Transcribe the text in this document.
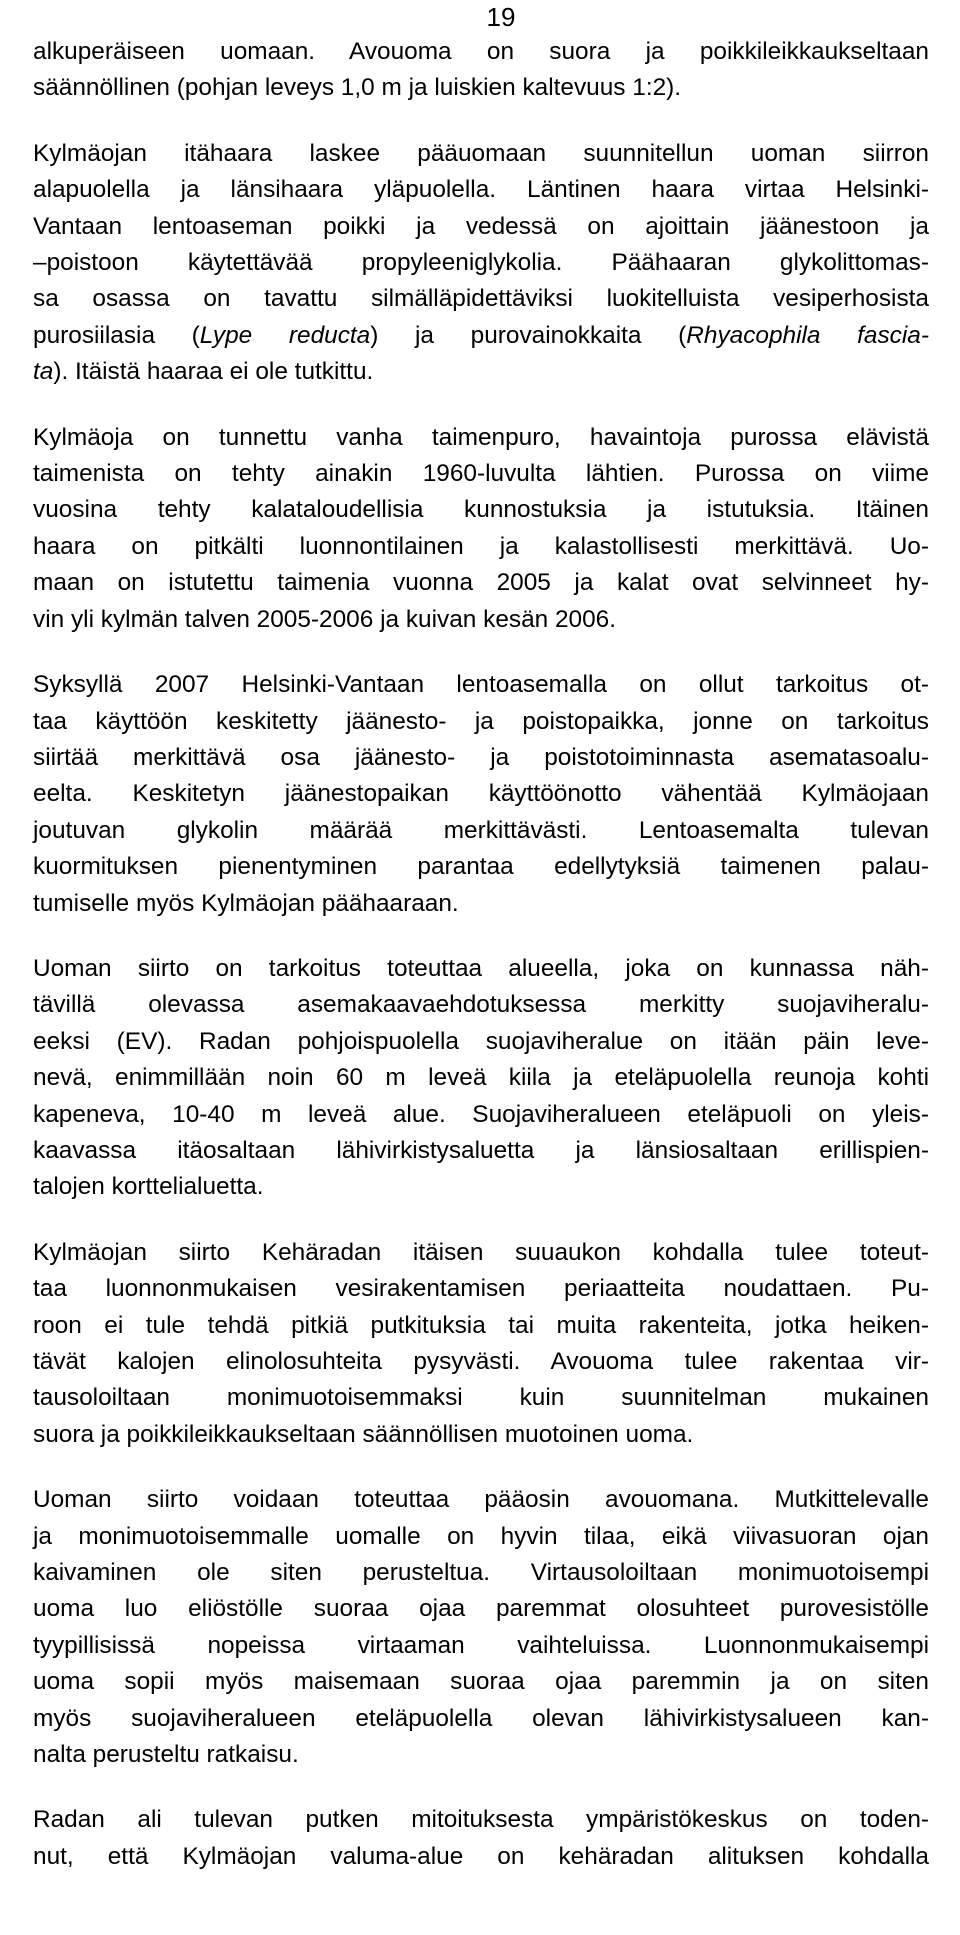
19

alkuperäiseen uomaan. Avouoma on suora ja poikkileikkaukseltaan
säännöllinen (pohjan leveys 1,0 m ja luiskien kaltevuus 1:2).

Kylmäojan itähaara laskee pääuomaan suunnitellun uoman siirron
alapuolella ja länsihaara yläpuolella. Läntinen haara virtaa Helsinki-
Vantaan lentoaseman poikki ja vedessä on ajoittain jäänestoon ja
–poistoon käytettävää propyleeniglykolia. Päähaaran glykolittomas-
sa osassa on tavattu silmälläpidettäviksi luokitelluista vesiperhosista
purosiilasia (Lype reducta) ja purovainokkaita (Rhyacophila fascia-
ta). Itäistä haaraa ei ole tutkittu.

Kylmäoja on tunnettu vanha taimenpuro, havaintoja purossa elävistä
taimenista on tehty ainakin 1960-luvulta lähtien. Purossa on viime
vuosina tehty kalataloudellisia kunnostuksia ja istutuksia. Itäinen
haara on pitkälti luonnontilainen ja kalastollisesti merkittävä. Uo-
maan on istutettu taimenia vuonna 2005 ja kalat ovat selvinneet hy-
vin yli kylmän talven 2005-2006 ja kuivan kesän 2006.

Syksyllä 2007 Helsinki-Vantaan lentoasemalla on ollut tarkoitus ot-
taa käyttöön keskitetty jäänesto- ja poistopaikka, jonne on tarkoitus
siirtää merkittävä osa jäänesto- ja poistotoiminnasta asematasoalu-
eelta. Keskitetyn jäänestopaikan käyttöönotto vähentää Kylmäojaan
joutuvan glykolin määrää merkittävästi. Lentoasemalta tulevan
kuormituksen pienentyminen parantaa edellytyksiä taimenen palau-
tumiselle myös Kylmäojan päähaaraan.

Uoman siirto on tarkoitus toteuttaa alueella, joka on kunnassa näh-
tävillä olevassa asemakaavaehdotuksessa merkitty suojaviheralu-
eeksi (EV). Radan pohjoispuolella suojaviheralue on itään päin leve-
nevä, enimmillään noin 60 m leveä kiila ja eteläpuolella reunoja kohti
kapeneva, 10-40 m leveä alue. Suojaviheralueen eteläpuoli on yleis-
kaavassa itäosaltaan lähivirkistysaluetta ja länsiosaltaan erillispien-
talojen korttelialuetta.

Kylmäojan siirto Kehäradan itäisen suuaukon kohdalla tulee toteut-
taa luonnonmukaisen vesirakentamisen periaatteita noudattaen. Pu-
roon ei tule tehdä pitkiä putkituksia tai muita rakenteita, jotka heiken-
tävät kalojen elinolosuhteita pysyvästi. Avouoma tulee rakentaa vir-
tausoloiltaan monimuotoisemmaksi kuin suunnitelman mukainen
suora ja poikkileikkaukseltaan säännöllisen muotoinen uoma.

Uoman siirto voidaan toteuttaa pääosin avouomana. Mutkittelevalle
ja monimuotoisemmalle uomalle on hyvin tilaa, eikä viivasuoran ojan
kaivaminen ole siten perusteltua. Virtausoloiltaan monimuotoisempi
uoma luo eliöstölle suoraa ojaa paremmat olosuhteet purovesistölle
tyypillisissä nopeissa virtaaman vaihteluissa. Luonnonmukaisempi
uoma sopii myös maisemaan suoraa ojaa paremmin ja on siten
myös suojaviheralueen eteläpuolella olevan lähivirkistysalueen kan-
nalta perusteltu ratkaisu.

Radan ali tulevan putken mitoituksesta ympäristökeskus on toden-
nut, että Kylmäojan valuma-alue on kehäradan alituksen kohdalla
